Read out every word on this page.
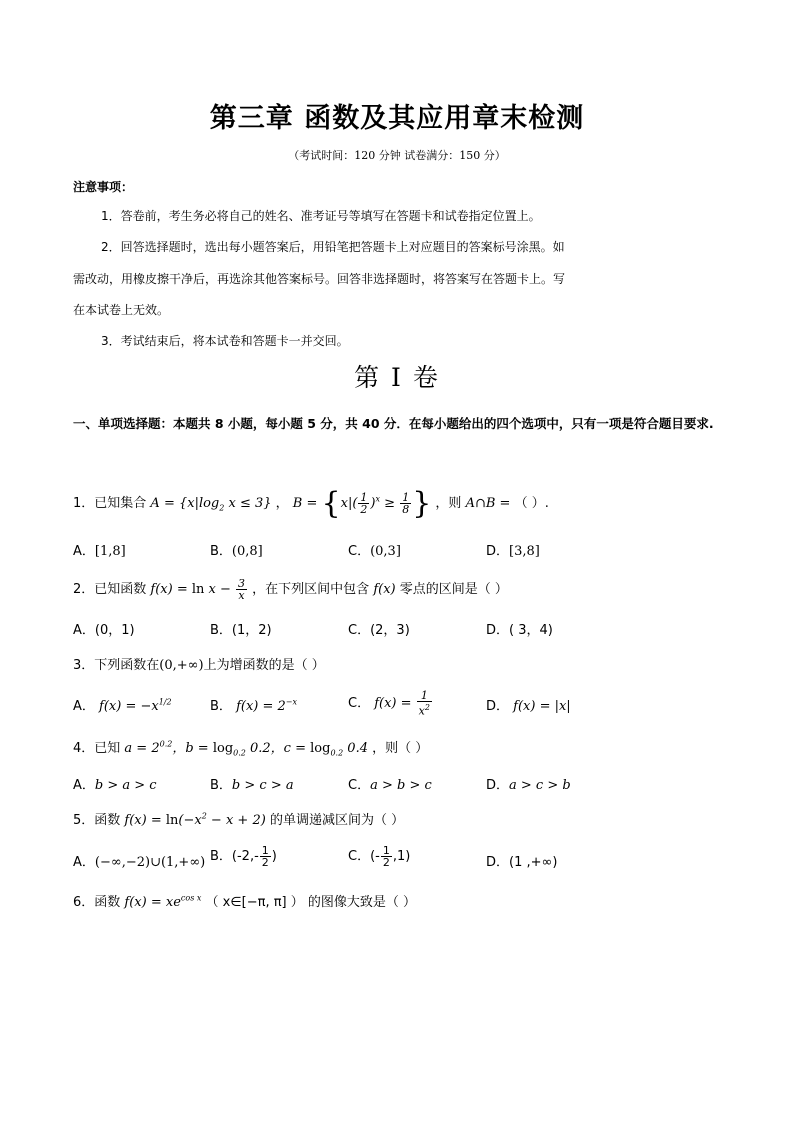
第三章 函数及其应用章末检测
（考试时间：120 分钟 试卷满分：150 分）
注意事项：
1．答卷前，考生务必将自己的姓名、准考证号等填写在答题卡和试卷指定位置上。
2．回答选择题时，选出每小题答案后，用铅笔把答题卡上对应题目的答案标号涂黑。如
需改动，用橡皮擦干净后，再选涂其他答案标号。回答非选择题时，将答案写在答题卡上。写
在本试卷上无效。
3．考试结束后，将本试卷和答题卡一并交回。
第 I 卷
一、单项选择题：本题共 8 小题，每小题 5 分，共 40 分．在每小题给出的四个选项中，只有一项是符合题目要求.
1．已知集合 $A = \{x|\log_2$ x ≤ 3} ， $B = \{x|( \frac{1}{2} )^x \ge \frac{1}{8}$ } ，则 A∩B = （ ）.
A．[1,8]	B．(0,8]	C．(0,3]	D．[3,8]
2．已知函数 $f(x) = \ln x - \frac{3}{x}$ ，在下列区间中包含 f(x) 零点的区间是（ ）
A．(0，1)	B．(1，2)	C．(2，3)	D．( 3，4)
3．下列函数在(0,+∞)上为增函数的是（ ）
A． $f(x) = -x^{1/2}$	B． $f(x) = 2^{-x}$	C． $f(x) = \frac{1}{x^2}$	D． f(x) = |x|
4．已知 $a = 2^{0.2}$，$b = \log_{0.2} 0.2$，$c = \log_{0.2} 0.4$ ，则（ ）
A．b > a > c	B．b > c > a	C．a > b > c	D．a > c > b
5．函数 $f(x) = \ln(-x^2 - x + 2)$ 的单调递减区间为（ ）
A．(−∞,−2)∪(1,+∞) B．($-2,- \frac{1}{2}$ )	C．(- $\frac{1}{2} ,1$)	D．(1 ,+∞)
6．函数 $f(x) = xe^{cos x}$ （ x∈[−π, π] ） 的图像大致是（ ）
